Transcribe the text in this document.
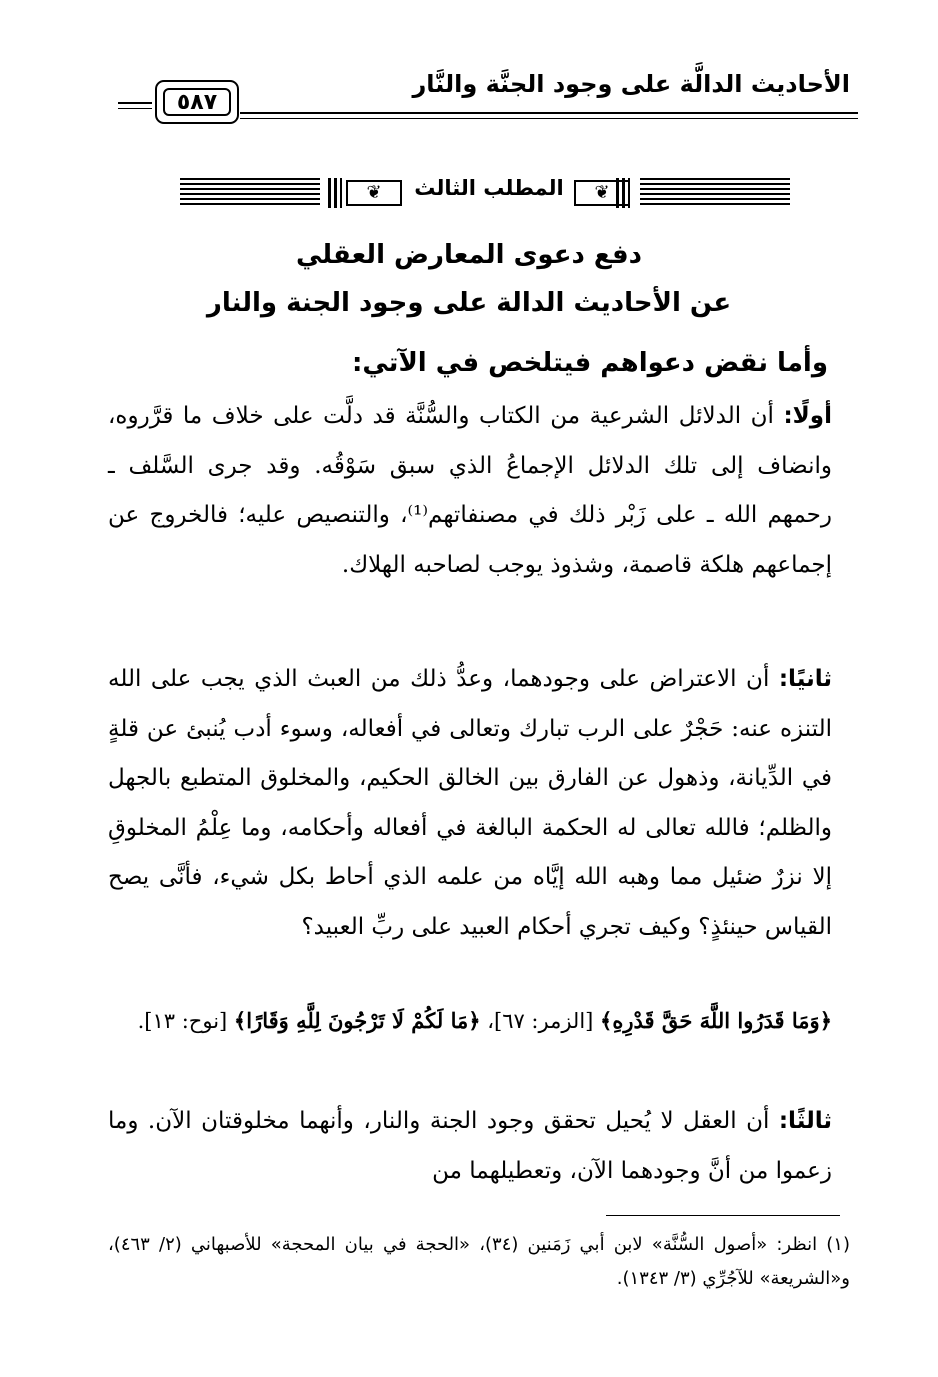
الأحاديث الدالَّة على وجود الجنَّة والنَّار
٥٨٧
❦	المطلب الثالث	❦
دفع دعوى المعارض العقلي
عن الأحاديث الدالة على وجود الجنة والنار
وأما نقض دعواهم فيتلخص في الآتي:
أولًا: أن الدلائل الشرعية من الكتاب والسُّنَّة قد دلَّت على خلاف ما قرَّروه، وانضاف إلى تلك الدلائل الإجماعُ الذي سبق سَوْقُه. وقد جرى السَّلف ـ رحمهم الله ـ على زَبْر ذلك في مصنفاتهم⁽¹⁾، والتنصيص عليه؛ فالخروج عن إجماعهم هلكة قاصمة، وشذوذ يوجب لصاحبه الهلاك.
ثانيًا: أن الاعتراض على وجودهما، وعدُّ ذلك من العبث الذي يجب على الله التنزه عنه: حَجْرٌ على الرب تبارك وتعالى في أفعاله، وسوء أدب يُنبئ عن قلةٍ في الدِّيانة، وذهول عن الفارق بين الخالق الحكيم، والمخلوق المتطبع بالجهل والظلم؛ فالله تعالى له الحكمة البالغة في أفعاله وأحكامه، وما عِلْمُ المخلوقِ إلا نزرٌ ضئيل مما وهبه الله إيَّاه من علمه الذي أحاط بكل شيء، فأنَّى يصح القياس حينئذٍ؟ وكيف تجري أحكام العبيد على ربِّ العبيد؟
﴿وَمَا قَدَرُوا اللَّهَ حَقَّ قَدْرِهِ﴾ [الزمر: ٦٧]، ﴿مَا لَكُمْ لَا تَرْجُونَ لِلَّهِ وَقَارًا﴾ [نوح: ١٣].
ثالثًا: أن العقل لا يُحيل تحقق وجود الجنة والنار، وأنهما مخلوقتان الآن. وما زعموا من أنَّ وجودهما الآن، وتعطيلهما من
(١) انظر: «أصول السُّنَّة» لابن أبي زَمَنين (٣٤)، «الحجة في بيان المحجة» للأصبهاني (٢/ ٤٦٣)، و«الشريعة» للآجُرِّي (٣/ ١٣٤٣).
